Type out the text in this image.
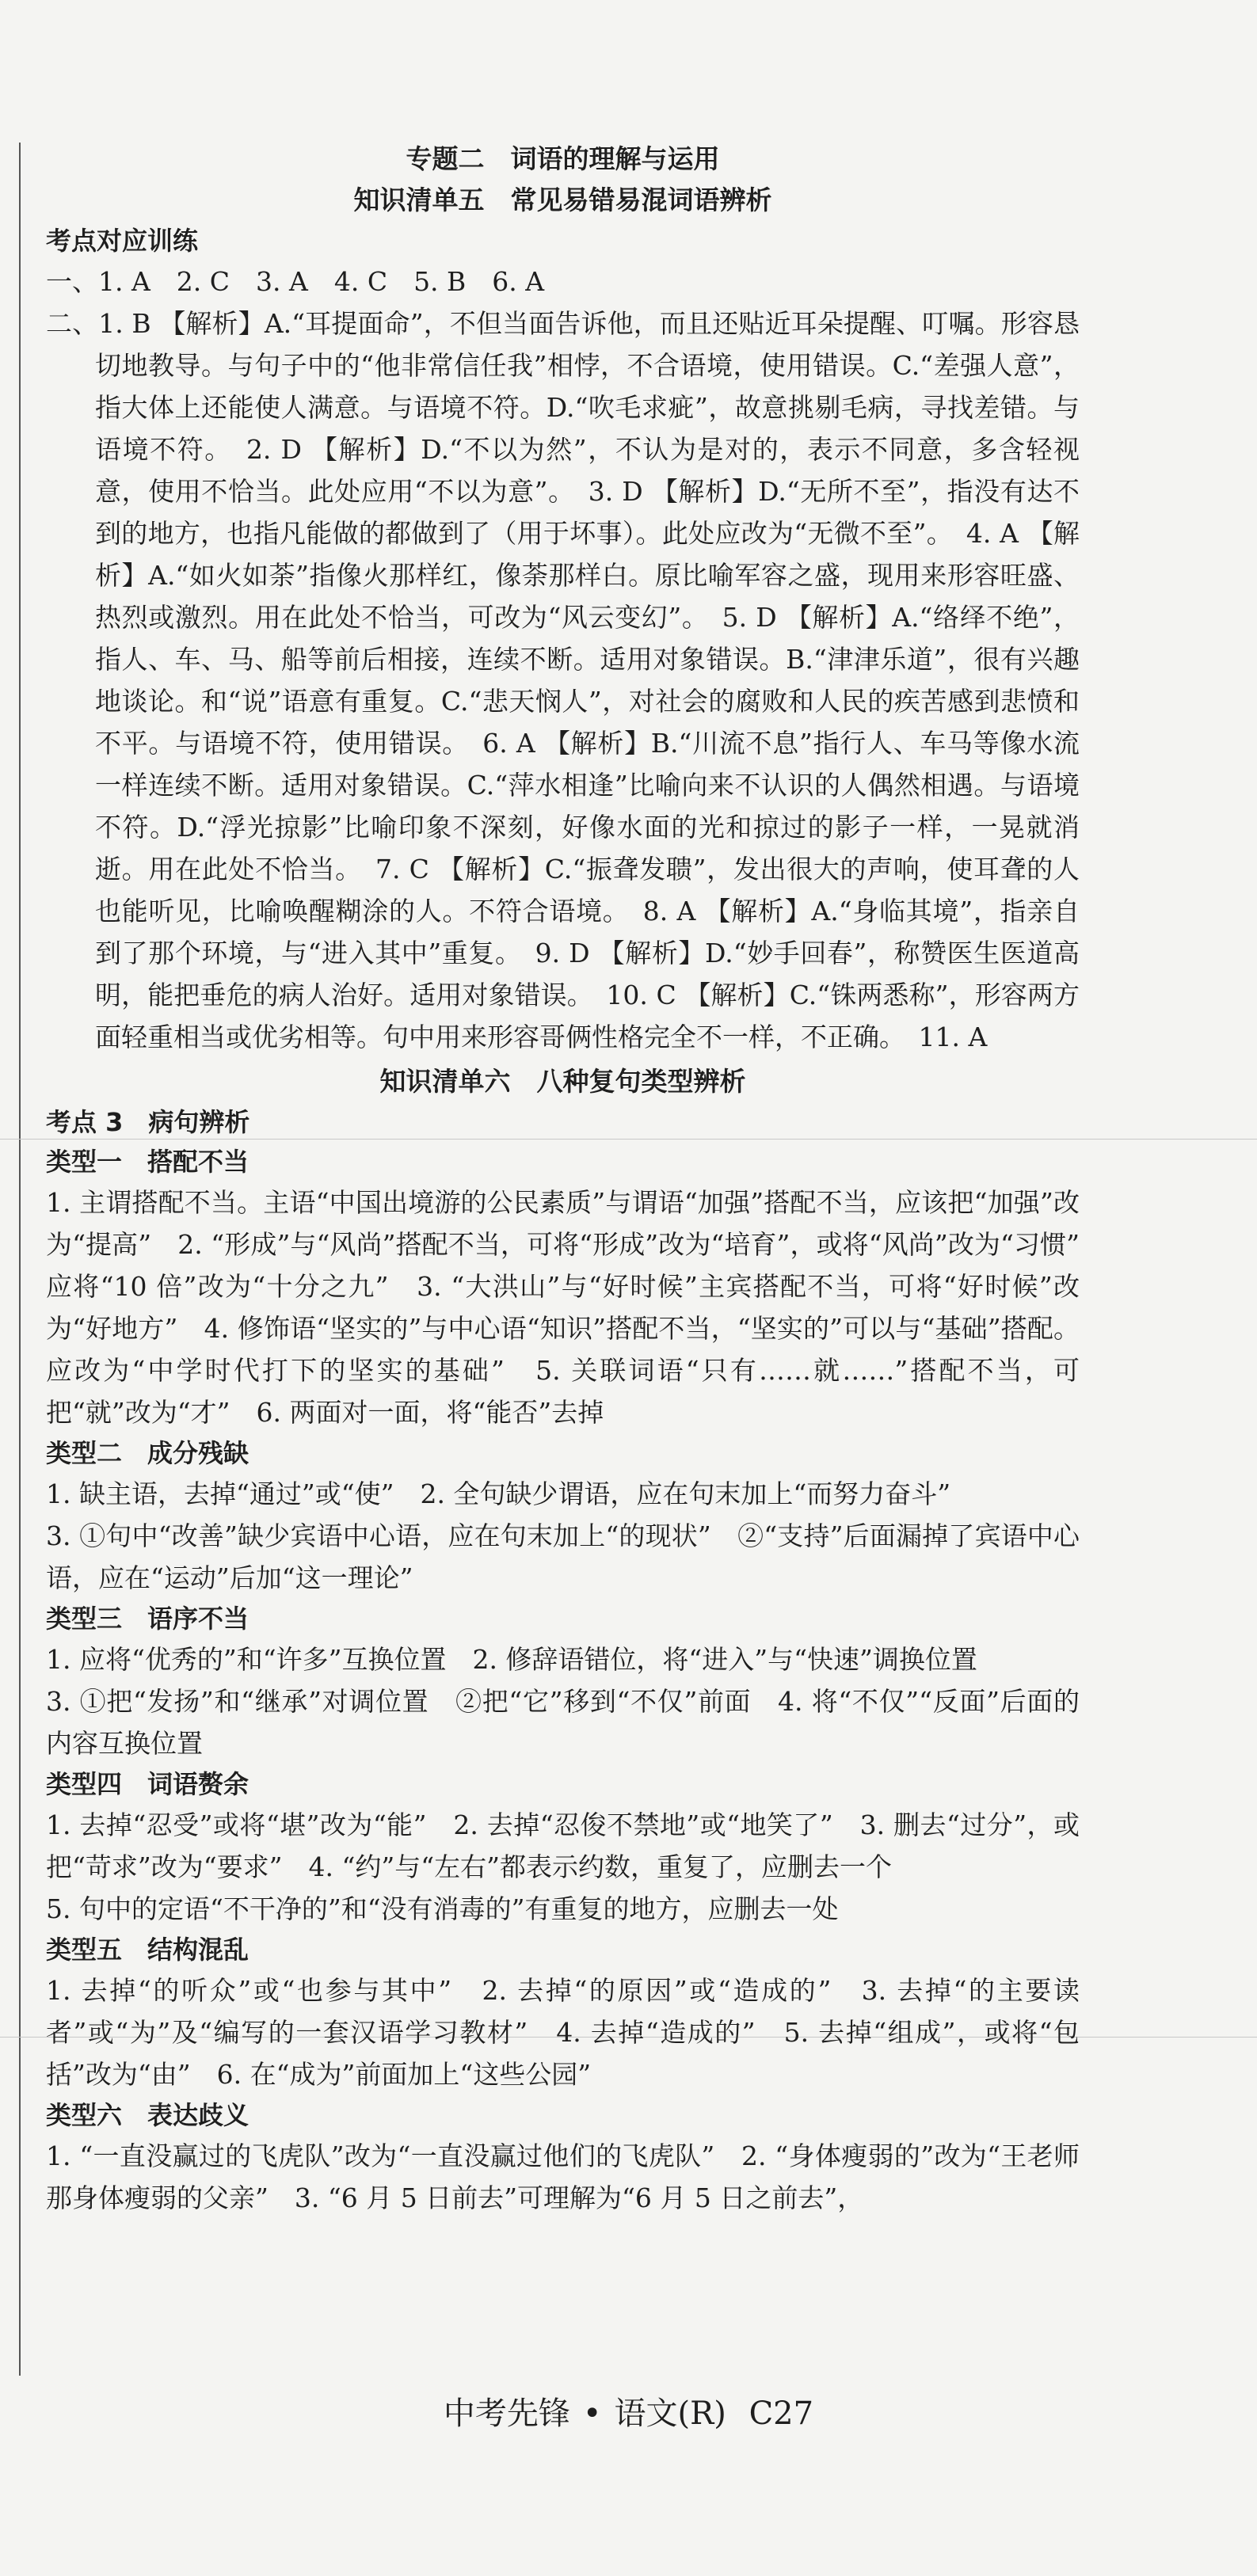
专题二　词语的理解与运用
知识清单五　常见易错易混词语辨析
考点对应训练
一、1. A　2. C　3. A　4. C　5. B　6. A
二、1. B 【解析】A.“耳提面命”，不但当面告诉他，而且还贴近耳朵提醒、叮嘱。形容恳切地教导。与句子中的“他非常信任我”相悖，不合语境，使用错误。C.“差强人意”，指大体上还能使人满意。与语境不符。D.“吹毛求疵”，故意挑剔毛病，寻找差错。与语境不符。　2. D 【解析】D.“不以为然”，不认为是对的，表示不同意，多含轻视意，使用不恰当。此处应用“不以为意”。　3. D 【解析】D.“无所不至”，指没有达不到的地方，也指凡能做的都做到了（用于坏事）。此处应改为“无微不至”。　4. A 【解析】A.“如火如荼”指像火那样红，像荼那样白。原比喻军容之盛，现用来形容旺盛、热烈或激烈。用在此处不恰当，可改为“风云变幻”。　5. D 【解析】A.“络绎不绝”，指人、车、马、船等前后相接，连续不断。适用对象错误。B.“津津乐道”，很有兴趣地谈论。和“说”语意有重复。C.“悲天悯人”，对社会的腐败和人民的疾苦感到悲愤和不平。与语境不符，使用错误。　6. A 【解析】B.“川流不息”指行人、车马等像水流一样连续不断。适用对象错误。C.“萍水相逢”比喻向来不认识的人偶然相遇。与语境不符。D.“浮光掠影”比喻印象不深刻，好像水面的光和掠过的影子一样，一晃就消逝。用在此处不恰当。　7. C 【解析】C.“振聋发聩”，发出很大的声响，使耳聋的人也能听见，比喻唤醒糊涂的人。不符合语境。　8. A 【解析】A.“身临其境”，指亲自到了那个环境，与“进入其中”重复。　9. D 【解析】D.“妙手回春”，称赞医生医道高明，能把垂危的病人治好。适用对象错误。　10. C 【解析】C.“铢两悉称”，形容两方面轻重相当或优劣相等。句中用来形容哥俩性格完全不一样，不正确。　11. A
知识清单六　八种复句类型辨析
考点 3　病句辨析
类型一　搭配不当
1. 主谓搭配不当。主语“中国出境游的公民素质”与谓语“加强”搭配不当，应该把“加强”改为“提高”　2. “形成”与“风尚”搭配不当，可将“形成”改为“培育”，或将“风尚”改为“习惯”　应将“10 倍”改为“十分之九”　3. “大洪山”与“好时候”主宾搭配不当，可将“好时候”改为“好地方”　4. 修饰语“坚实的”与中心语“知识”搭配不当，“坚实的”可以与“基础”搭配。应改为“中学时代打下的坚实的基础”　5. 关联词语“只有……就……”搭配不当，可把“就”改为“才”　6. 两面对一面，将“能否”去掉
类型二　成分残缺
1. 缺主语，去掉“通过”或“使”　2. 全句缺少谓语，应在句末加上“而努力奋斗”
3. ①句中“改善”缺少宾语中心语，应在句末加上“的现状”　②“支持”后面漏掉了宾语中心语，应在“运动”后加“这一理论”
类型三　语序不当
1. 应将“优秀的”和“许多”互换位置　2. 修辞语错位，将“进入”与“快速”调换位置
3. ①把“发扬”和“继承”对调位置　②把“它”移到“不仅”前面　4. 将“不仅”“反面”后面的内容互换位置
类型四　词语赘余
1. 去掉“忍受”或将“堪”改为“能”　2. 去掉“忍俊不禁地”或“地笑了”　3. 删去“过分”，或把“苛求”改为“要求”　4. “约”与“左右”都表示约数，重复了，应删去一个
5. 句中的定语“不干净的”和“没有消毒的”有重复的地方，应删去一处
类型五　结构混乱
1. 去掉“的听众”或“也参与其中”　2. 去掉“的原因”或“造成的”　3. 去掉“的主要读者”或“为”及“编写的一套汉语学习教材”　4. 去掉“造成的”　5. 去掉“组成”，或将“包括”改为“由”　6. 在“成为”前面加上“这些公园”
类型六　表达歧义
1. “一直没赢过的飞虎队”改为“一直没赢过他们的飞虎队”　2. “身体瘦弱的”改为“王老师那身体瘦弱的父亲”　3. “6 月 5 日前去”可理解为“6 月 5 日之前去”，
中考先锋 • 语文(R) C27
